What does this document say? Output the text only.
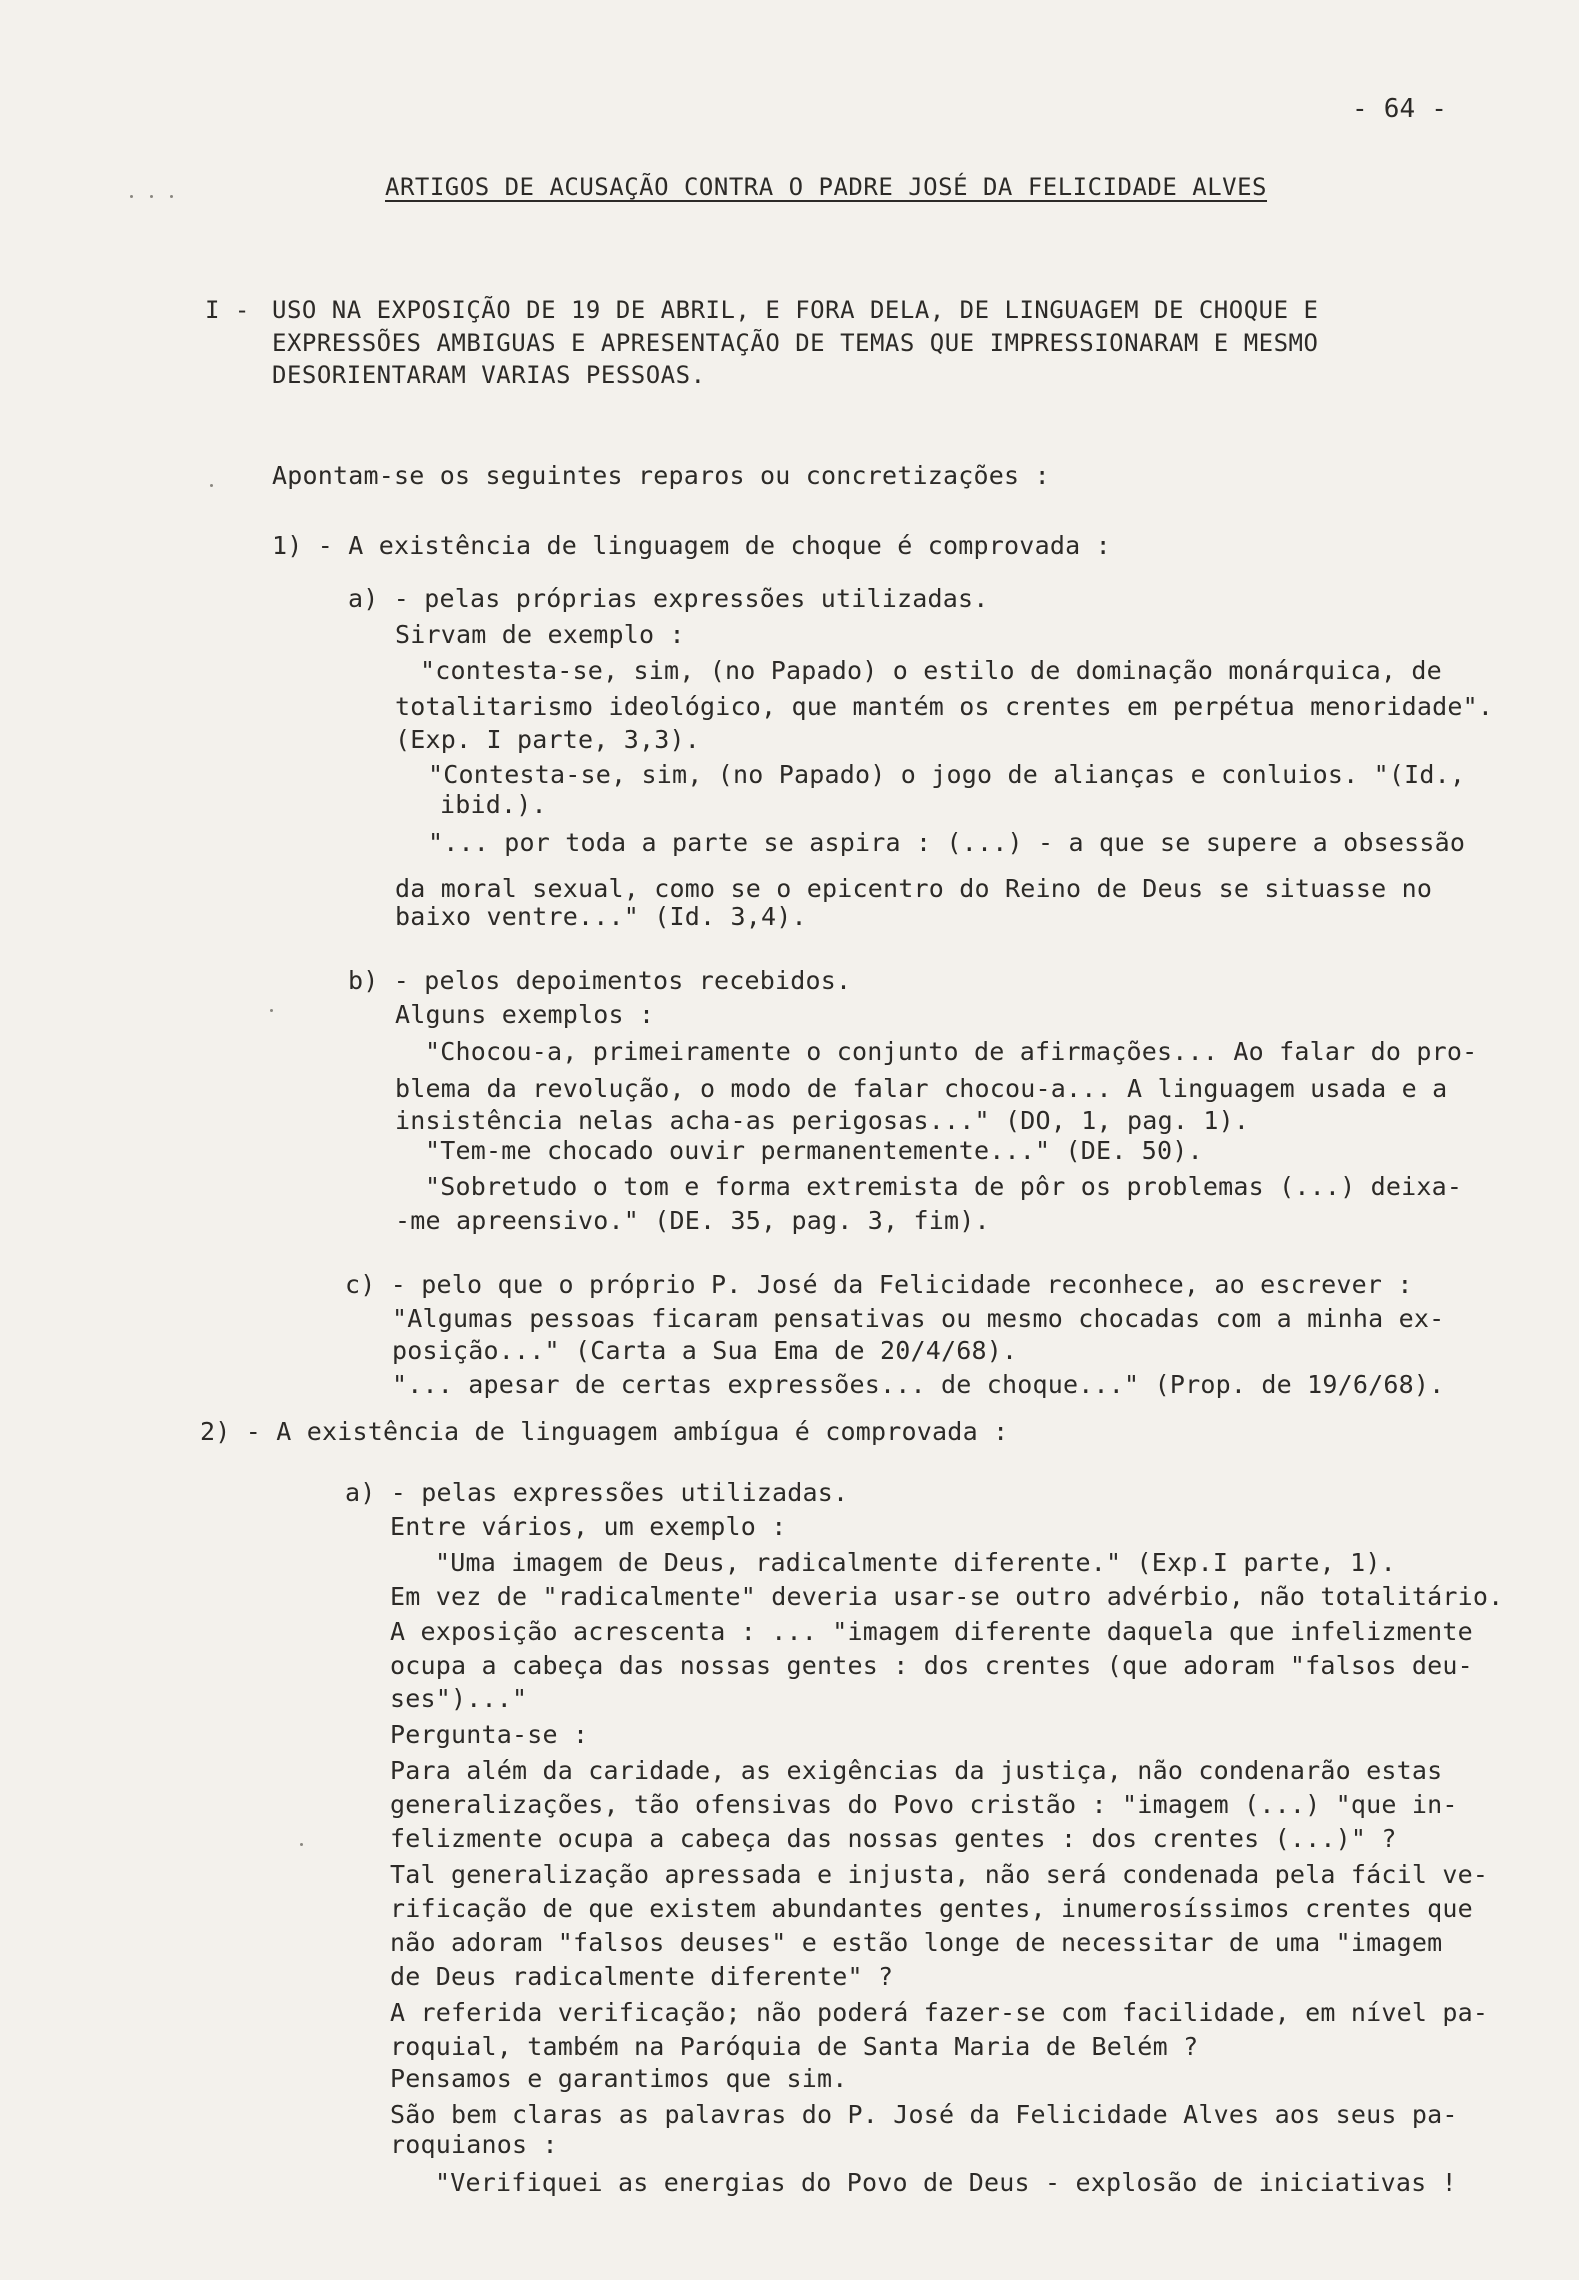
- 64 -
ARTIGOS DE ACUSAÇÃO CONTRA O PADRE JOSÉ DA FELICIDADE ALVES
I - USO NA EXPOSIÇÃO DE 19 DE ABRIL, E FORA DELA, DE LINGUAGEM DE CHOQUE E
EXPRESSÕES AMBIGUAS E APRESENTAÇÃO DE TEMAS QUE IMPRESSIONARAM E MESMO
DESORIENTARAM VARIAS PESSOAS.
Apontam-se os seguintes reparos ou concretizações :
1) - A existência de linguagem de choque é comprovada :
a) - pelas próprias expressões utilizadas.
Sirvam de exemplo :
"contesta-se, sim, (no Papado) o estilo de dominação monárquica, de
totalitarismo ideológico, que mantém os crentes em perpétua menoridade".
(Exp. I parte, 3,3).
"Contesta-se, sim, (no Papado) o jogo de alianças e conluios. "(Id.,
ibid.).
"... por toda a parte se aspira : (...) - a que se supere a obsessão
da moral sexual, como se o epicentro do Reino de Deus se situasse no
baixo ventre..." (Id. 3,4).
b) - pelos depoimentos recebidos.
Alguns exemplos :
"Chocou-a, primeiramente o conjunto de afirmações... Ao falar do pro-
blema da revolução, o modo de falar chocou-a... A linguagem usada e a
insistência nelas acha-as perigosas..." (DO, 1, pag. 1).
"Tem-me chocado ouvir permanentemente..." (DE. 50).
"Sobretudo o tom e forma extremista de pôr os problemas (...) deixa-
-me apreensivo." (DE. 35, pag. 3, fim).
c) - pelo que o próprio P. José da Felicidade reconhece, ao escrever :
"Algumas pessoas ficaram pensativas ou mesmo chocadas com a minha ex-
posição..." (Carta a Sua Ema de 20/4/68).
"... apesar de certas expressões... de choque..." (Prop. de 19/6/68).
2) - A existência de linguagem ambígua é comprovada :
a) - pelas expressões utilizadas.
Entre vários, um exemplo :
"Uma imagem de Deus, radicalmente diferente." (Exp.I parte, 1).
Em vez de "radicalmente" deveria usar-se outro advérbio, não totalitário.
A exposição acrescenta : ... "imagem diferente daquela que infelizmente
ocupa a cabeça das nossas gentes : dos crentes (que adoram "falsos deu-
ses")..."
Pergunta-se :
Para além da caridade, as exigências da justiça, não condenarão estas
generalizações, tão ofensivas do Povo cristão : "imagem (...) "que in-
felizmente ocupa a cabeça das nossas gentes : dos crentes (...)" ?
Tal generalização apressada e injusta, não será condenada pela fácil ve-
rificação de que existem abundantes gentes, inumerosíssimos crentes que
não adoram "falsos deuses" e estão longe de necessitar de uma "imagem
de Deus radicalmente diferente" ?
A referida verificação; não poderá fazer-se com facilidade, em nível pa-
roquial, também na Paróquia de Santa Maria de Belém ?
Pensamos e garantimos que sim.
São bem claras as palavras do P. José da Felicidade Alves aos seus pa-
roquianos :
"Verifiquei as energias do Povo de Deus - explosão de iniciativas !
